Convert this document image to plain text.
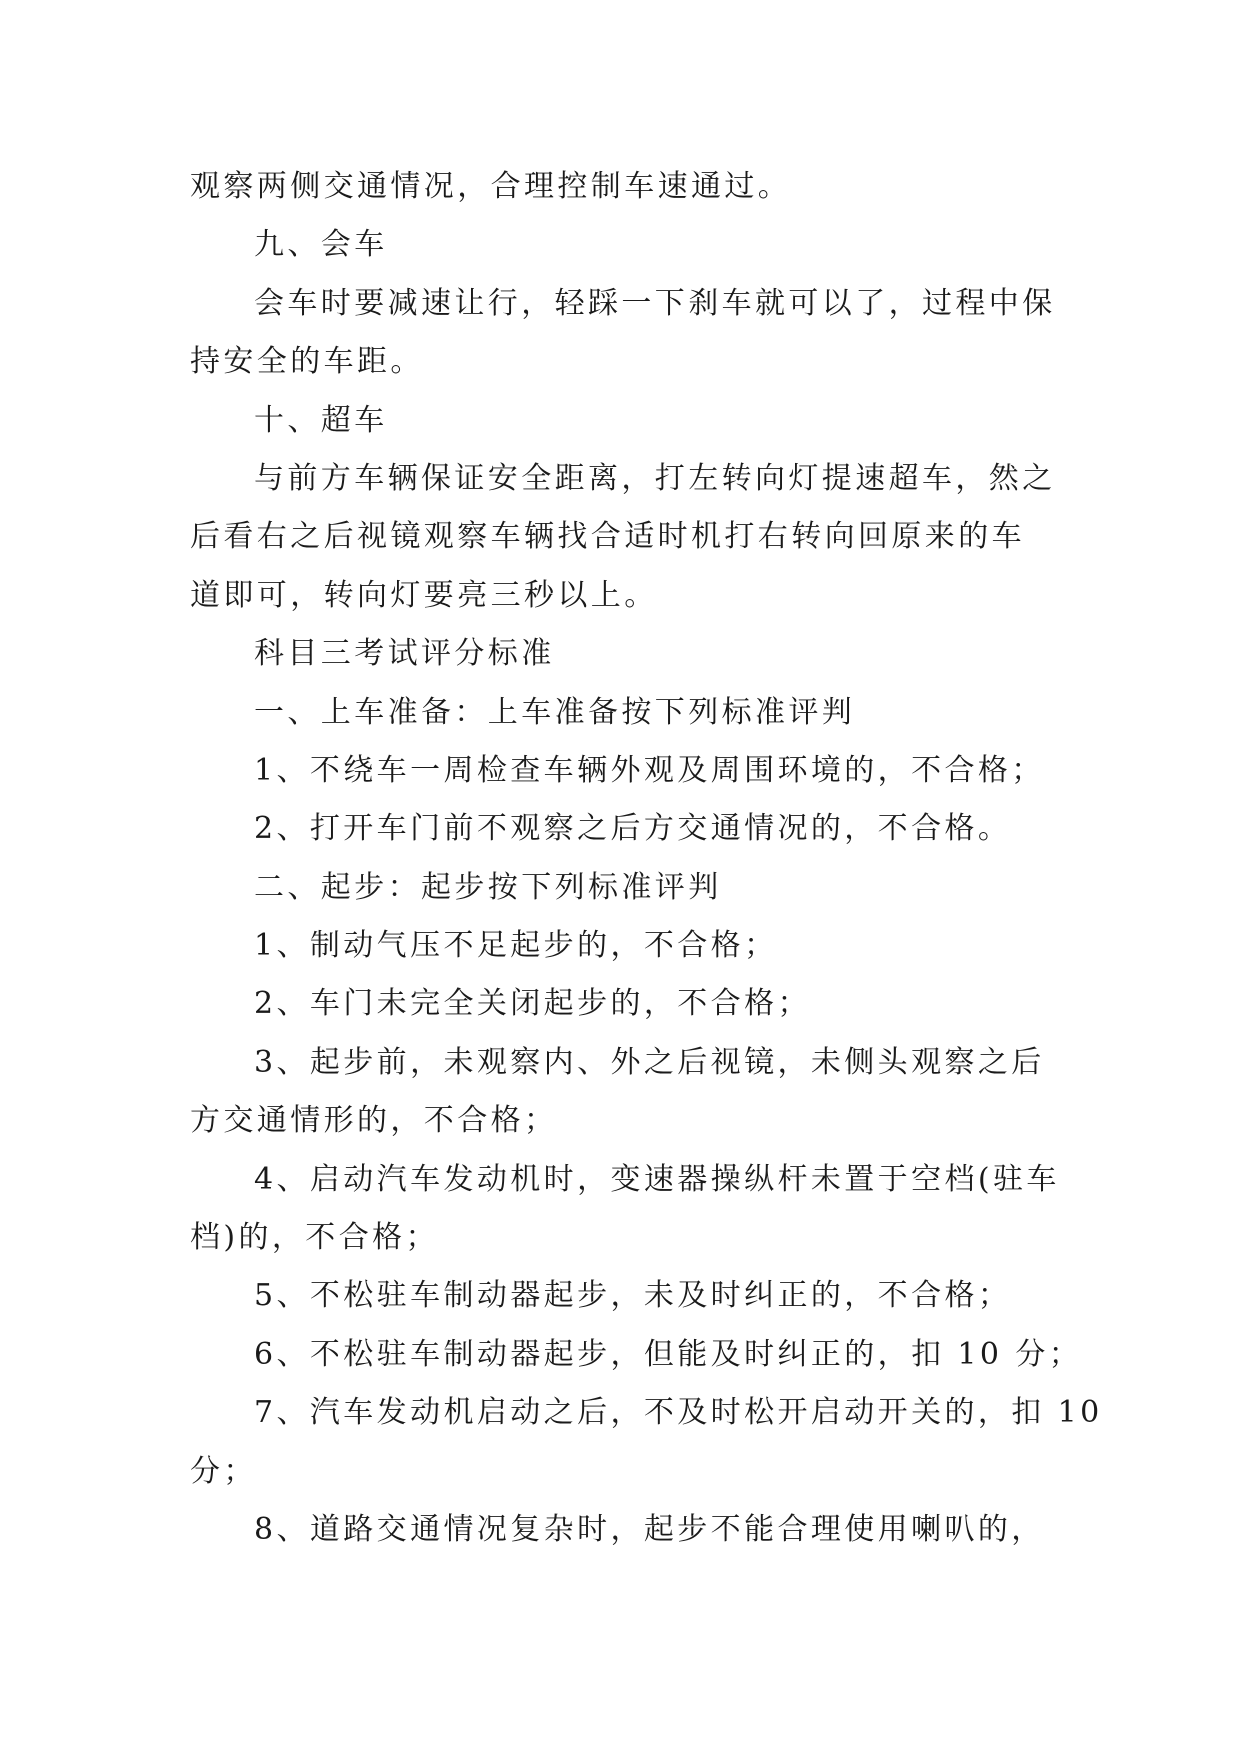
观察两侧交通情况，合理控制车速通过。
九、会车
会车时要减速让行，轻踩一下刹车就可以了，过程中保
持安全的车距。
十、超车
与前方车辆保证安全距离，打左转向灯提速超车，然之
后看右之后视镜观察车辆找合适时机打右转向回原来的车
道即可，转向灯要亮三秒以上。
科目三考试评分标准
一、上车准备：上车准备按下列标准评判
1、不绕车一周检查车辆外观及周围环境的，不合格；
2、打开车门前不观察之后方交通情况的，不合格。
二、起步：起步按下列标准评判
1、制动气压不足起步的，不合格；
2、车门未完全关闭起步的，不合格；
3、起步前，未观察内、外之后视镜，未侧头观察之后
方交通情形的，不合格；
4、启动汽车发动机时，变速器操纵杆未置于空档(驻车
档)的，不合格；
5、不松驻车制动器起步，未及时纠正的，不合格；
6、不松驻车制动器起步，但能及时纠正的，扣 10 分；
7、汽车发动机启动之后，不及时松开启动开关的，扣 10
分；
8、道路交通情况复杂时，起步不能合理使用喇叭的，
